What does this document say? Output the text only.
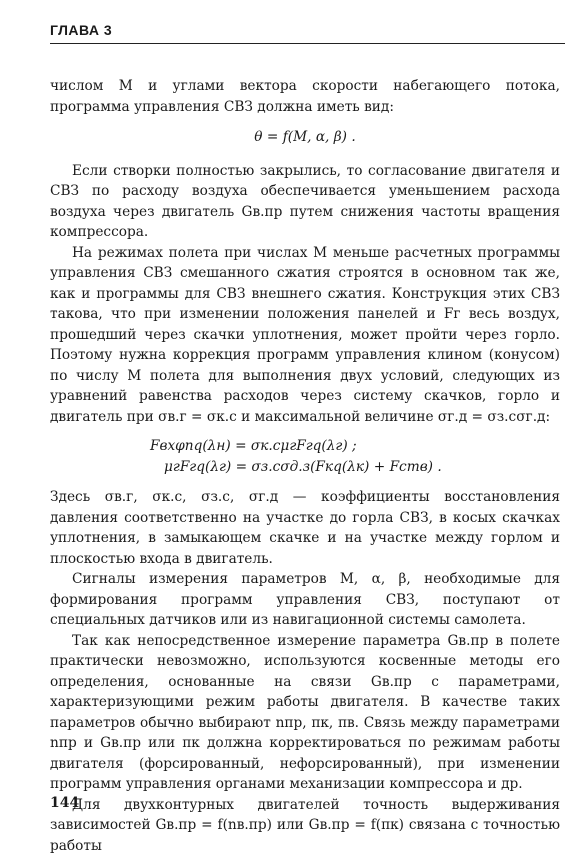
ГЛАВА 3

числом М и углами вектора скорости набегающего потока, программа управления СВЗ должна иметь вид:

θ = f(M, α, β) .

Если створки полностью закрылись, то согласование двигателя и СВЗ по расходу воздуха обеспечивается уменьшением расхода воздуха через двигатель Gв.пр путем снижения частоты вращения компрессора.

На режимах полета при числах М меньше расчетных программы управления СВЗ смешанного сжатия строятся в основном так же, как и программы для СВЗ внешнего сжатия. Конструкция этих СВЗ такова, что при изменении положения панелей и Fг весь воздух, прошедший через скачки уплотнения, может пройти через горло. Поэтому нужна коррекция программ управления клином (конусом) по числу М полета для выполнения двух условий, следующих из уравнений равенства расходов через систему скачков, горло и двигатель при σв.г = σк.с и максимальной величине σг.д = σз.сσг.д:

Fвхφпq(λн) = σк.сμгFгq(λг) ;
μгFгq(λг) = σз.сσд.з(Fкq(λк) + Fств) .

Здесь σв.г, σк.с, σз.с, σг.д — коэффициенты восстановления давления соответственно на участке до горла СВЗ, в косых скачках уплотнения, в замыкающем скачке и на участке между горлом и плоскостью входа в двигатель.

Сигналы измерения параметров М, α, β, необходимые для формирования программ управления СВЗ, поступают от специальных датчиков или из навигационной системы самолета.

Так как непосредственное измерение параметра Gв.пр в полете практически невозможно, используются косвенные методы его определения, основанные на связи Gв.пр с параметрами, характеризующими режим работы двигателя. В качестве таких параметров обычно выбирают nпр, πк, πв. Связь между параметрами nпр и Gв.пр или πк должна корректироваться по режимам работы двигателя (форсированный, нефорсированный), при изменении программ управления органами механизации компрессора и др.

Для двухконтурных двигателей точность выдерживания зависимостей Gв.пр = f(nв.пр) или Gв.пр = f(πк) связана с точностью работы

144
